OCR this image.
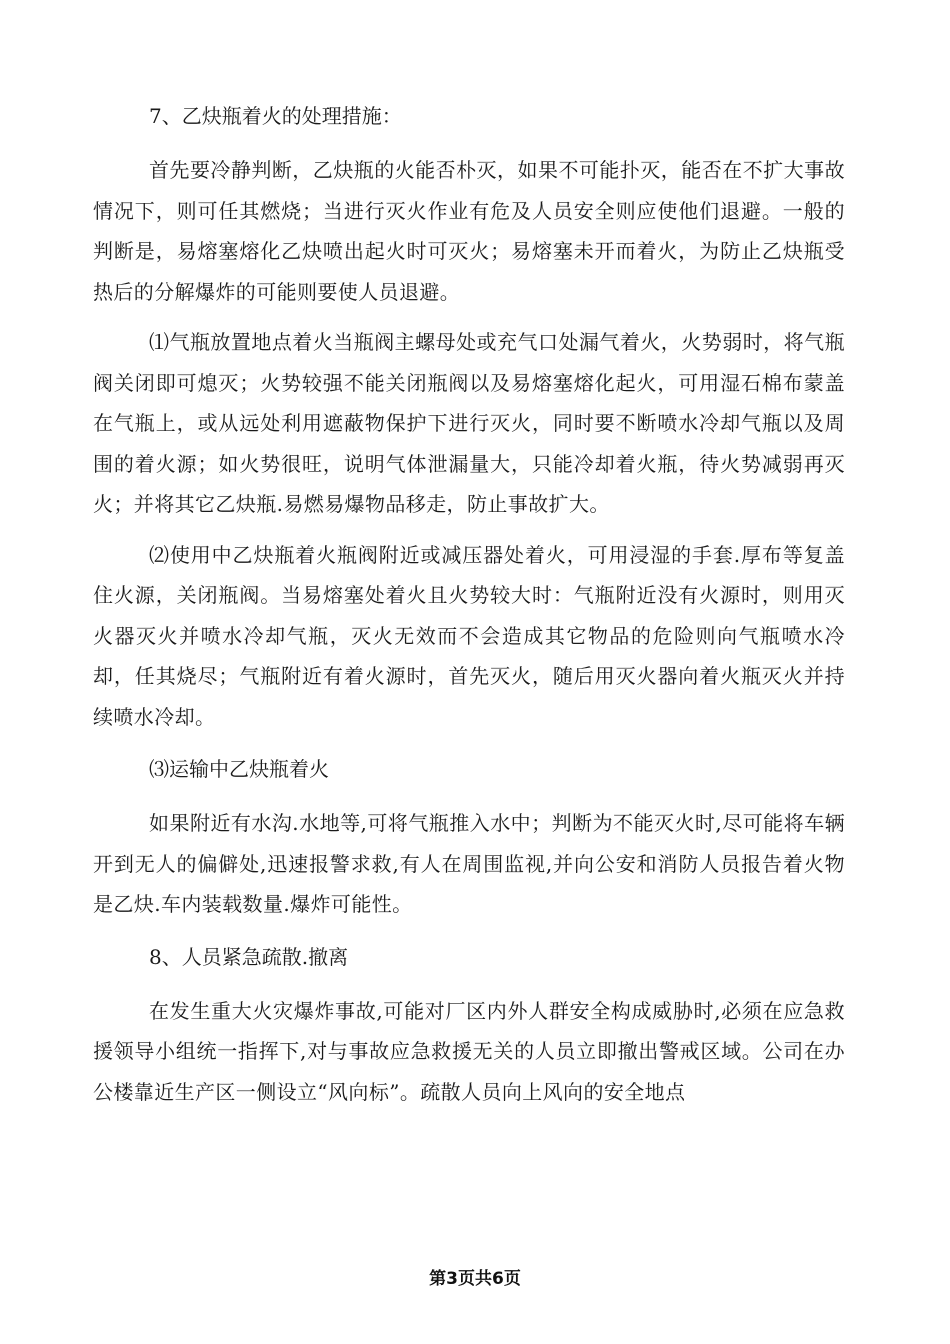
7、乙炔瓶着火的处理措施：

首先要冷静判断，乙炔瓶的火能否朴灭，如果不可能扑灭，能否在不扩大事故情况下，则可任其燃烧；当进行灭火作业有危及人员安全则应使他们退避。一般的判断是，易熔塞熔化乙炔喷出起火时可灭火；易熔塞未开而着火，为防止乙炔瓶受热后的分解爆炸的可能则要使人员退避。

⑴气瓶放置地点着火当瓶阀主螺母处或充气口处漏气着火，火势弱时，将气瓶阀关闭即可熄灭；火势较强不能关闭瓶阀以及易熔塞熔化起火，可用湿石棉布蒙盖在气瓶上，或从远处利用遮蔽物保护下进行灭火，同时要不断喷水冷却气瓶以及周围的着火源；如火势很旺，说明气体泄漏量大，只能冷却着火瓶，待火势减弱再灭火；并将其它乙炔瓶.易燃易爆物品移走，防止事故扩大。

⑵使用中乙炔瓶着火瓶阀附近或减压器处着火，可用浸湿的手套.厚布等复盖住火源，关闭瓶阀。当易熔塞处着火且火势较大时：气瓶附近没有火源时，则用灭火器灭火并喷水冷却气瓶，灭火无效而不会造成其它物品的危险则向气瓶喷水冷却，任其烧尽；气瓶附近有着火源时，首先灭火，随后用灭火器向着火瓶灭火并持续喷水冷却。

⑶运输中乙炔瓶着火

如果附近有水沟.水地等,可将气瓶推入水中；判断为不能灭火时,尽可能将车辆开到无人的偏僻处,迅速报警求救,有人在周围监视,并向公安和消防人员报告着火物是乙炔.车内装载数量.爆炸可能性。

8、人员紧急疏散.撤离

在发生重大火灾爆炸事故,可能对厂区内外人群安全构成威胁时,必须在应急救援领导小组统一指挥下,对与事故应急救援无关的人员立即撤出警戒区域。公司在办公楼靠近生产区一侧设立“风向标”。疏散人员向上风向的安全地点

第3页共6页
